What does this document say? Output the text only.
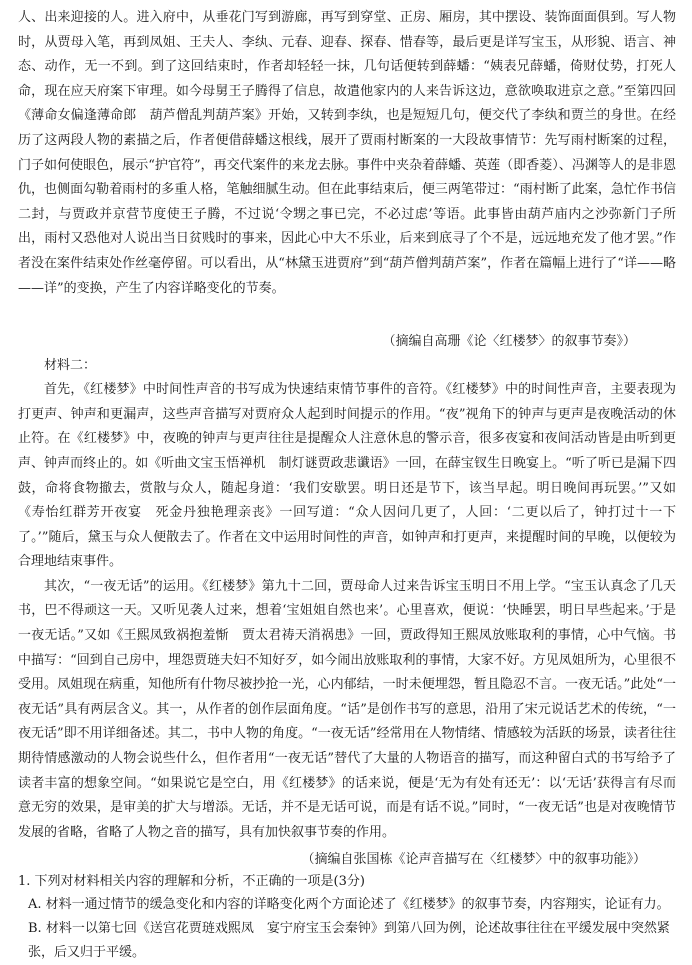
人、出来迎接的人。进入府中，从垂花门写到游廊，再写到穿堂、正房、厢房，其中摆设、装饰面面俱到。写人物时，从贾母入笔，再到凤姐、王夫人、李纨、元春、迎春、探春、惜春等，最后更是详写宝玉，从形貌、语言、神态、动作，无一不到。到了这回结束时，作者却轻轻一抹，几句话便转到薛蟠：“姨表兄薛蟠，倚财仗势，打死人命，现在应天府案下审理。如今母舅王子腾得了信息，故遣他家内的人来告诉这边，意欲唤取进京之意。”至第四回《薄命女偏逢薄命郎　葫芦僧乱判葫芦案》开始，又转到李纨，也是短短几句，便交代了李纨和贾兰的身世。在经历了这两段人物的素描之后，作者便借薛蟠这根线，展开了贾雨村断案的一大段故事情节：先写雨村断案的过程，门子如何使眼色，展示“护官符”，再交代案件的来龙去脉。事件中夹杂着薛蟠、英莲（即香菱）、冯渊等人的是非恩仇，也侧面勾勒着雨村的多重人格，笔触细腻生动。但在此事结束后，便三两笔带过：“雨村断了此案，急忙作书信二封，与贾政并京营节度使王子腾，不过说‘令甥之事已完，不必过虑’等语。此事皆由葫芦庙内之沙弥新门子所出，雨村又恐他对人说出当日贫贱时的事来，因此心中大不乐业，后来到底寻了个不是，远远地充发了他才罢。”作者没在案件结束处作丝毫停留。可以看出，从“林黛玉进贾府”到“葫芦僧判葫芦案”，作者在篇幅上进行了“详——略——详”的变换，产生了内容详略变化的节奏。

（摘编自高珊《论〈红楼梦〉的叙事节奏》）
材料二：

首先，《红楼梦》中时间性声音的书写成为快速结束情节事件的音符。《红楼梦》中的时间性声音，主要表现为打更声、钟声和更漏声，这些声音描写对贾府众人起到时间提示的作用。“夜”视角下的钟声与更声是夜晚活动的休止符。在《红楼梦》中，夜晚的钟声与更声往往是提醒众人注意休息的警示音，很多夜宴和夜间活动皆是由听到更声、钟声而终止的。如《听曲文宝玉悟禅机　制灯谜贾政悲谶语》一回，在薛宝钗生日晚宴上。“听了听已是漏下四鼓，命将食物撤去，赏散与众人，随起身道：‘我们安歇罢。明日还是节下，该当早起。明日晚间再玩罢。’”又如《寿怡红群芳开夜宴　死金丹独艳理亲丧》一回写道：“众人因问几更了，人回：‘二更以后了，钟打过十一下了。’”随后，黛玉与众人便散去了。作者在文中运用时间性的声音，如钟声和打更声，来提醒时间的早晚，以便较为合理地结束事件。

其次，“一夜无话”的运用。《红楼梦》第九十二回，贾母命人过来告诉宝玉明日不用上学。“宝玉认真念了几天书，巴不得顽这一天。又听见袭人过来，想着‘宝姐姐自然也来’。心里喜欢，便说：‘快睡罢，明日早些起来。’于是一夜无话。”又如《王熙凤致祸抱羞惭　贾太君祷天消祸患》一回，贾政得知王熙凤放账取利的事情，心中气恼。书中描写：“回到自己房中，埋怨贾琏夫妇不知好歹，如今闹出放账取利的事情，大家不好。方见凤姐所为，心里很不受用。凤姐现在病重，知他所有什物尽被抄抢一光，心内郁结，一时未便埋怨，暂且隐忍不言。一夜无话。”此处“一夜无话”具有两层含义。其一，从作者的创作层面角度。“话”是创作书写的意思，沿用了宋元说话艺术的传统，“一夜无话”即不用详细备述。其二，书中人物的角度。“一夜无话”经常用在人物情绪、情感较为活跃的场景，读者往往期待情感激动的人物会说些什么，但作者用“一夜无话”替代了大量的人物语音的描写，而这种留白式的书写给予了读者丰富的想象空间。“如果说它是空白，用《红楼梦》的话来说，便是‘无为有处有还无’：以‘无话’获得言有尽而意无穷的效果，是审美的扩大与增添。无话，并不是无话可说，而是有话不说。”同时，“一夜无话”也是对夜晚情节发展的省略，省略了人物之音的描写，具有加快叙事节奏的作用。

（摘编自张国栋《论声音描写在〈红楼梦〉中的叙事功能》）
1. 下列对材料相关内容的理解和分析，不正确的一项是(3分)
A. 材料一通过情节的缓急变化和内容的详略变化两个方面论述了《红楼梦》的叙事节奏，内容翔实，论证有力。
B. 材料一以第七回《送宫花贾琏戏熙凤　宴宁府宝玉会秦钟》到第八回为例，论述故事往往在平缓发展中突然紧张，后又归于平缓。
